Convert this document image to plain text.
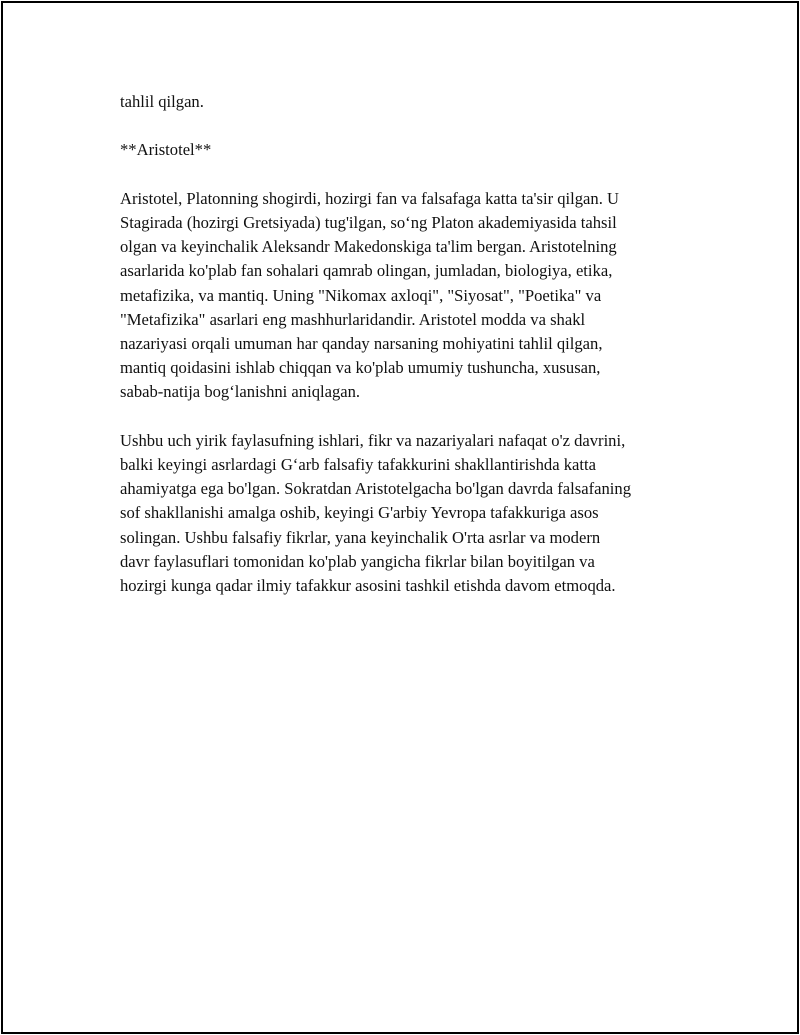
tahlil qilgan.

**Aristotel**

Aristotel, Platonning shogirdi, hozirgi fan va falsafaga katta ta'sir qilgan. U
Stagirada (hozirgi Gretsiyada) tug'ilgan, so‘ng Platon akademiyasida tahsil
olgan va keyinchalik Aleksandr Makedonskiga ta'lim bergan. Aristotelning
asarlarida ko'plab fan sohalari qamrab olingan, jumladan, biologiya, etika,
metafizika, va mantiq. Uning "Nikomax axloqi", "Siyosat", "Poetika" va
"Metafizika" asarlari eng mashhurlaridandir. Aristotel modda va shakl
nazariyasi orqali umuman har qanday narsaning mohiyatini tahlil qilgan,
mantiq qoidasini ishlab chiqqan va ko'plab umumiy tushuncha, xususan,
sabab-natija bog‘lanishni aniqlagan.

Ushbu uch yirik faylasufning ishlari, fikr va nazariyalari nafaqat o'z davrini,
balki keyingi asrlardagi G‘arb falsafiy tafakkurini shakllantirishda katta
ahamiyatga ega bo'lgan. Sokratdan Aristotelgacha bo'lgan davrda falsafaning
sof shakllanishi amalga oshib, keyingi G'arbiy Yevropa tafakkuriga asos
solingan. Ushbu falsafiy fikrlar, yana keyinchalik O'rta asrlar va modern
davr faylasuflari tomonidan ko'plab yangicha fikrlar bilan boyitilgan va
hozirgi kunga qadar ilmiy tafakkur asosini tashkil etishda davom etmoqda.
